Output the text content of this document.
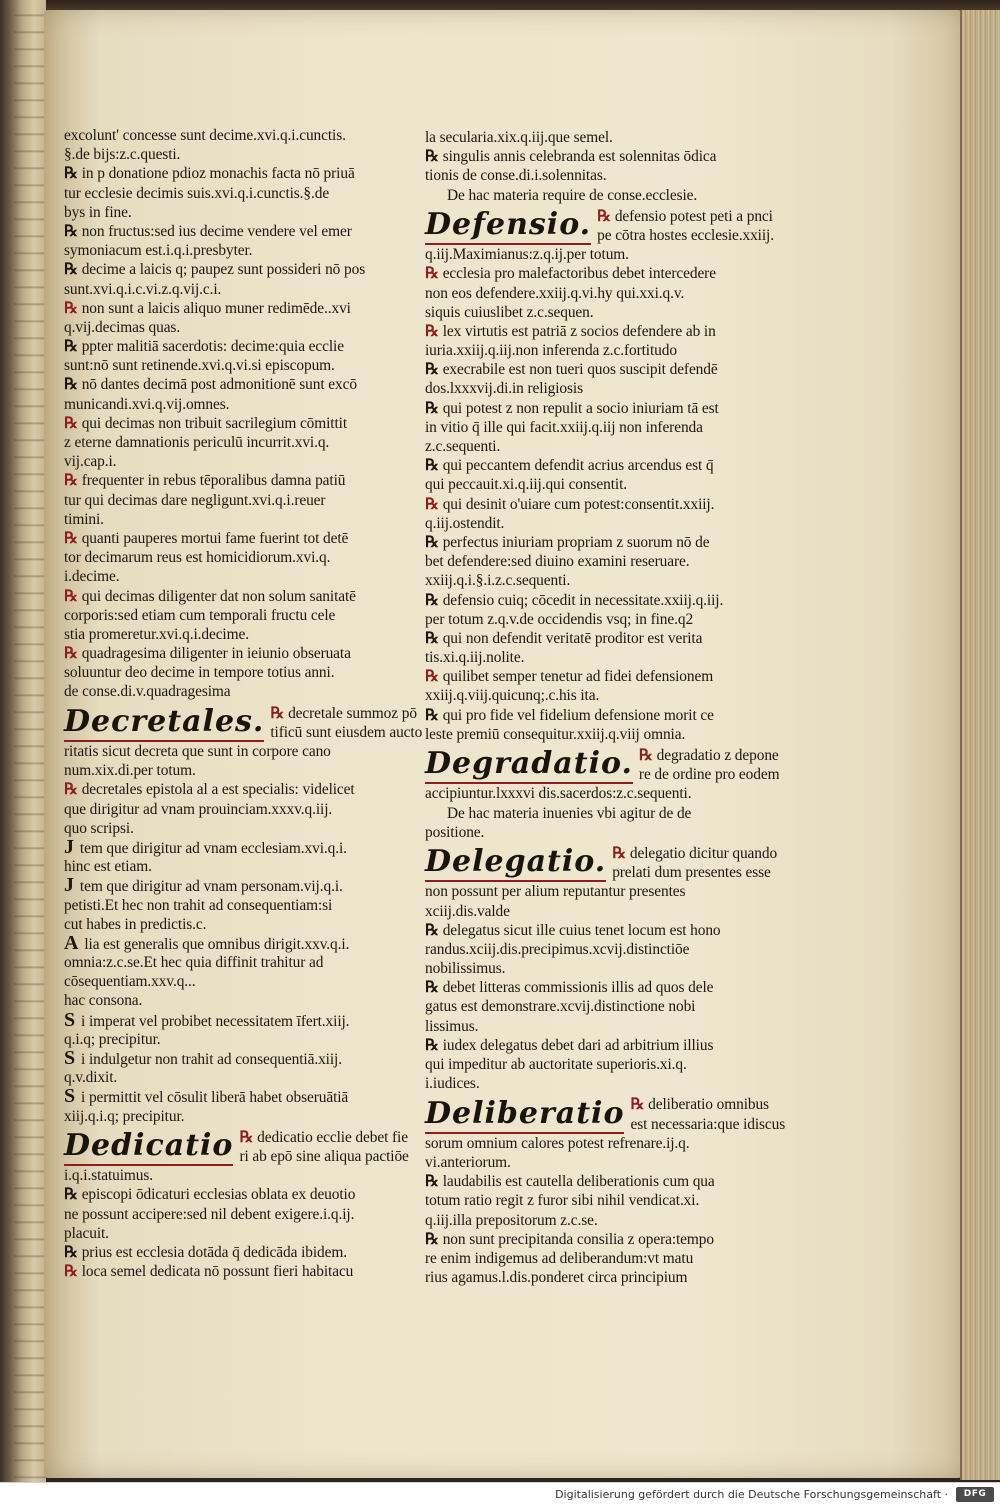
excolunt' concesse sunt decime.xvi.q.i.cunctis.
§.de bijs:z.c.questi.
℞ in p donatione pdioz monachis facta nō priuā
tur ecclesie decimis suis.xvi.q.i.cunctis.§.de
bys in fine.
℞ non fructus:sed ius decime vendere vel emer
symoniacum est.i.q.i.presbyter.
℞ decime a laicis q; paupez sunt possideri nō pos
sunt.xvi.q.i.c.vi.z.q.vij.c.i.
℞ non sunt a laicis aliquo muner redimēde..xvi
q.vij.decimas quas.
℞ ppter malitiā sacerdotis: decime:quia ecclie
sunt:nō sunt retinende.xvi.q.vi.si episcopum.
℞ nō dantes decimā post admonitionē sunt excō
municandi.xvi.q.vij.omnes.
℞ qui decimas non tribuit sacrilegium cōmittit
z eterne damnationis periculū incurrit.xvi.q.
vij.cap.i.
℞ frequenter in rebus tēporalibus damna patiū
tur qui decimas dare negligunt.xvi.q.i.reuer
timini.
℞ quanti pauperes mortui fame fuerint tot detē
tor decimarum reus est homicidiorum.xvi.q.
i.decime.
℞ qui decimas diligenter dat non solum sanitatē
corporis:sed etiam cum temporali fructu cele
stia promeretur.xvi.q.i.decime.
℞ quadragesima diligenter in ieiunio obseruata
soluuntur deo decime in tempore totius anni.
de conse.di.v.quadragesima
Decretales. ℞ decretale summoz pō
tificū sunt eiusdem aucto
ritatis sicut decreta que sunt in corpore cano
num.xix.di.per totum.
℞ decretales epistola al a est specialis: videlicet
que dirigitur ad vnam prouinciam.xxxv.q.iij.
quo scripsi.
J tem que dirigitur ad vnam ecclesiam.xvi.q.i.
hinc est etiam.
J tem que dirigitur ad vnam personam.vij.q.i.
petisti.Et hec non trahit ad consequentiam:si
cut habes in predictis.c.
A lia est generalis que omnibus dirigit.xxv.q.i.
omnia:z.c.se.Et hec quia diffinit trahitur ad
cōsequentiam.xxv.q...
hac consona.
S i imperat vel probibet necessitatem īfert.xiij.
q.i.q; precipitur.
S i indulgetur non trahit ad consequentiā.xiij.
q.v.dixit.
S i permittit vel cōsulit liberā habet obseruātiā
xiij.q.i.q; precipitur.
Dedicatio ℞ dedicatio ecclie debet fie
ri ab epō sine aliqua pactiōe
i.q.i.statuimus.
℞ episcopi ōdicaturi ecclesias oblata ex deuotio
ne possunt accipere:sed nil debent exigere.i.q.ij.
placuit.
℞ prius est ecclesia dotāda q̄ dedicāda ibidem.
℞ loca semel dedicata nō possunt fieri habitacu
la secularia.xix.q.iij.que semel.
℞ singulis annis celebranda est solennitas ōdica
tionis de conse.di.i.solennitas.
De hac materia require de conse.ecclesie.
Defensio. ℞ defensio potest peti a pnci
pe cōtra hostes ecclesie.xxiij.
q.iij.Maximianus:z.q.ij.per totum.
℞ ecclesia pro malefactoribus debet intercedere
non eos defendere.xxiij.q.vi.hy qui.xxi.q.v.
siquis cuiuslibet z.c.sequen.
℞ lex virtutis est patriā z socios defendere ab in
iuria.xxiij.q.iij.non inferenda z.c.fortitudo
℞ execrabile est non tueri quos suscipit defendē
dos.lxxxvij.di.in religiosis
℞ qui potest z non repulit a socio iniuriam tā est
in vitio q̄ ille qui facit.xxiij.q.iij non inferenda
z.c.sequenti.
℞ qui peccantem defendit acrius arcendus est q̄
qui peccauit.xi.q.iij.qui consentit.
℞ qui desinit o'uiare cum potest:consentit.xxiij.
q.iij.ostendit.
℞ perfectus iniuriam propriam z suorum nō de
bet defendere:sed diuino examini reseruare.
xxiij.q.i.§.i.z.c.sequenti.
℞ defensio cuiq; cōcedit in necessitate.xxiij.q.iij.
per totum z.q.v.de occidendis vsq; in fine.q2
℞ qui non defendit veritatē proditor est verita
tis.xi.q.iij.nolite.
℞ quilibet semper tenetur ad fidei defensionem
xxiij.q.viij.quicunq;.c.his ita.
℞ qui pro fide vel fidelium defensione morit ce
leste premiū consequitur.xxiij.q.viij omnia.
Degradatio. ℞ degradatio z depone
re de ordine pro eodem
accipiuntur.lxxxvi dis.sacerdos:z.c.sequenti.
De hac materia inuenies vbi agitur de de
positione.
Delegatio. ℞ delegatio dicitur quando
prelati dum presentes esse
non possunt per alium reputantur presentes
xciij.dis.valde
℞ delegatus sicut ille cuius tenet locum est hono
randus.xciij.dis.precipimus.xcvij.distinctiōe
nobilissimus.
℞ debet litteras commissionis illis ad quos dele
gatus est demonstrare.xcvij.distinctione nobi
lissimus.
℞ iudex delegatus debet dari ad arbitrium illius
qui impeditur ab auctoritate superioris.xi.q.
i.iudices.
Deliberatio ℞ deliberatio omnibus
est necessaria:que idiscus
sorum omnium calores potest refrenare.ij.q.
vi.anteriorum.
℞ laudabilis est cautella deliberationis cum qua
totum ratio regit z furor sibi nihil vendicat.xi.
q.iij.illa prepositorum z.c.se.
℞ non sunt precipitanda consilia z opera:tempo
re enim indigemus ad deliberandum:vt matu
rius agamus.l.dis.ponderet circa principium
Digitalisierung gefördert durch die Deutsche Forschungsgemeinschaft ·	DFG
